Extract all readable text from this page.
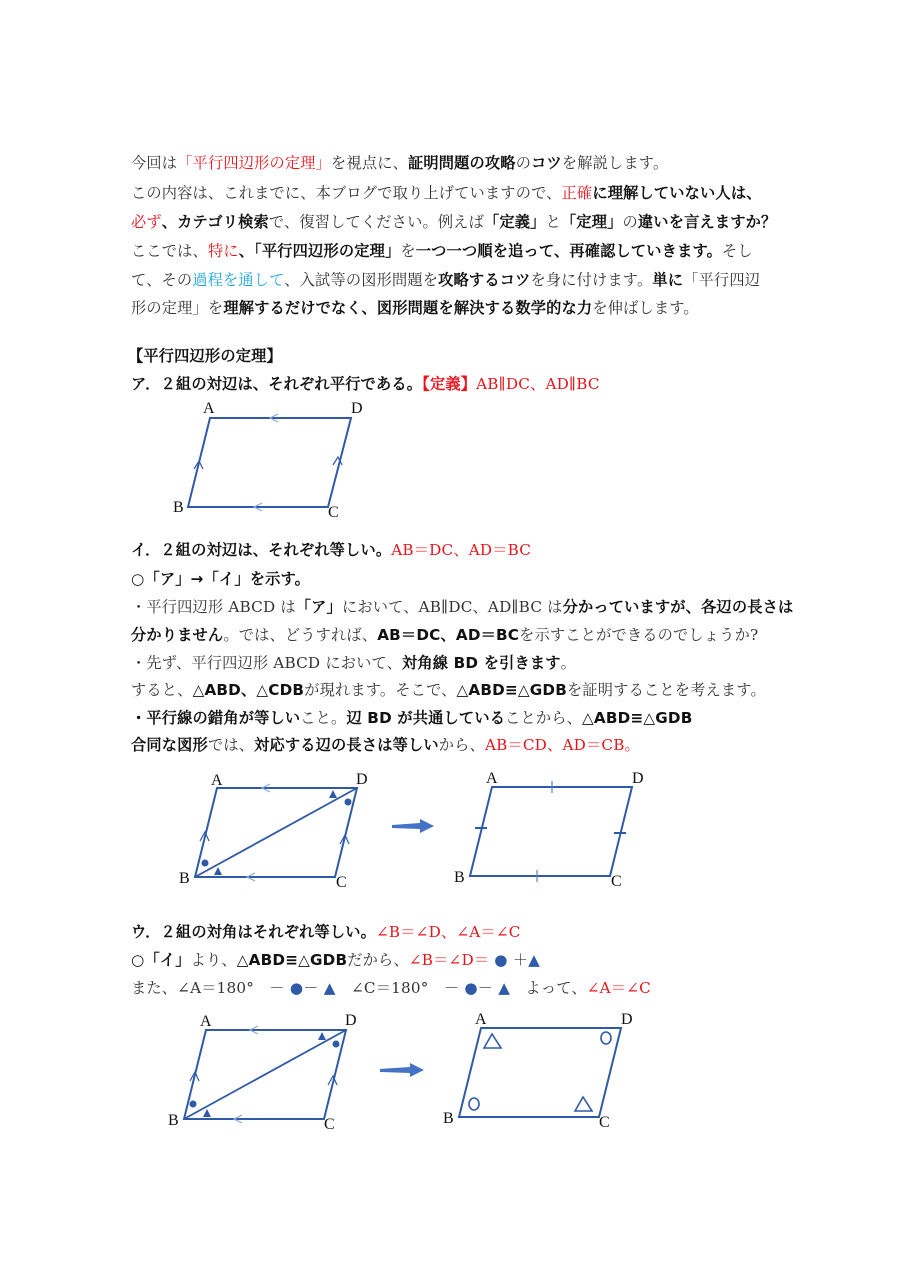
今回は「平行四辺形の定理」を視点に、証明問題の攻略のコツを解説します。
この内容は、これまでに、本ブログで取り上げていますので、正確に理解していない人は、
必ず、カテゴリ検索で、復習してください。例えば「定義」と「定理」の違いを言えますか？
ここでは、特に、「平行四辺形の定理」を一つ一つ順を追って、再確認していきます。そし
て、その過程を通して、入試等の図形問題を攻略するコツを身に付けます。単に「平行四辺
形の定理」を理解するだけでなく、図形問題を解決する数学的な力を伸ばします。
【平行四辺形の定理】
ア．２組の対辺は、それぞれ平行である。【定義】AB∥DC、AD∥BC
A	D
B	C
イ．２組の対辺は、それぞれ等しい。AB＝DC、AD＝BC
○「ア」→「イ」を示す。
・平行四辺形 ABCD は「ア」において、AB∥DC、AD∥BC は分かっていますが、各辺の長さは
分かりません。では、どうすれば、AB＝DC、AD＝BCを示すことができるのでしょうか?
・先ず、平行四辺形 ABCD において、対角線 BD を引きます。
すると、△ABD、△CDBが現れます。そこで、△ABD≡△GDBを証明することを考えます。
・平行線の錯角が等しいこと。辺 BD が共通していることから、△ABD≡△GDB
合同な図形では、対応する辺の長さは等しいから、AB＝CD、AD＝CB。
A	D
B	C
A	D
B	C
ウ．２組の対角はそれぞれ等しい。∠B＝∠D、∠A＝∠C
○「イ」より、△ABD≡△GDBだから、∠B＝∠D＝ ● ＋▲
また、∠A＝180°　－ ●－ ▲　∠C＝180°　－ ●－ ▲　よって、∠A＝∠C
A	D
B	C
A	D
B	C
